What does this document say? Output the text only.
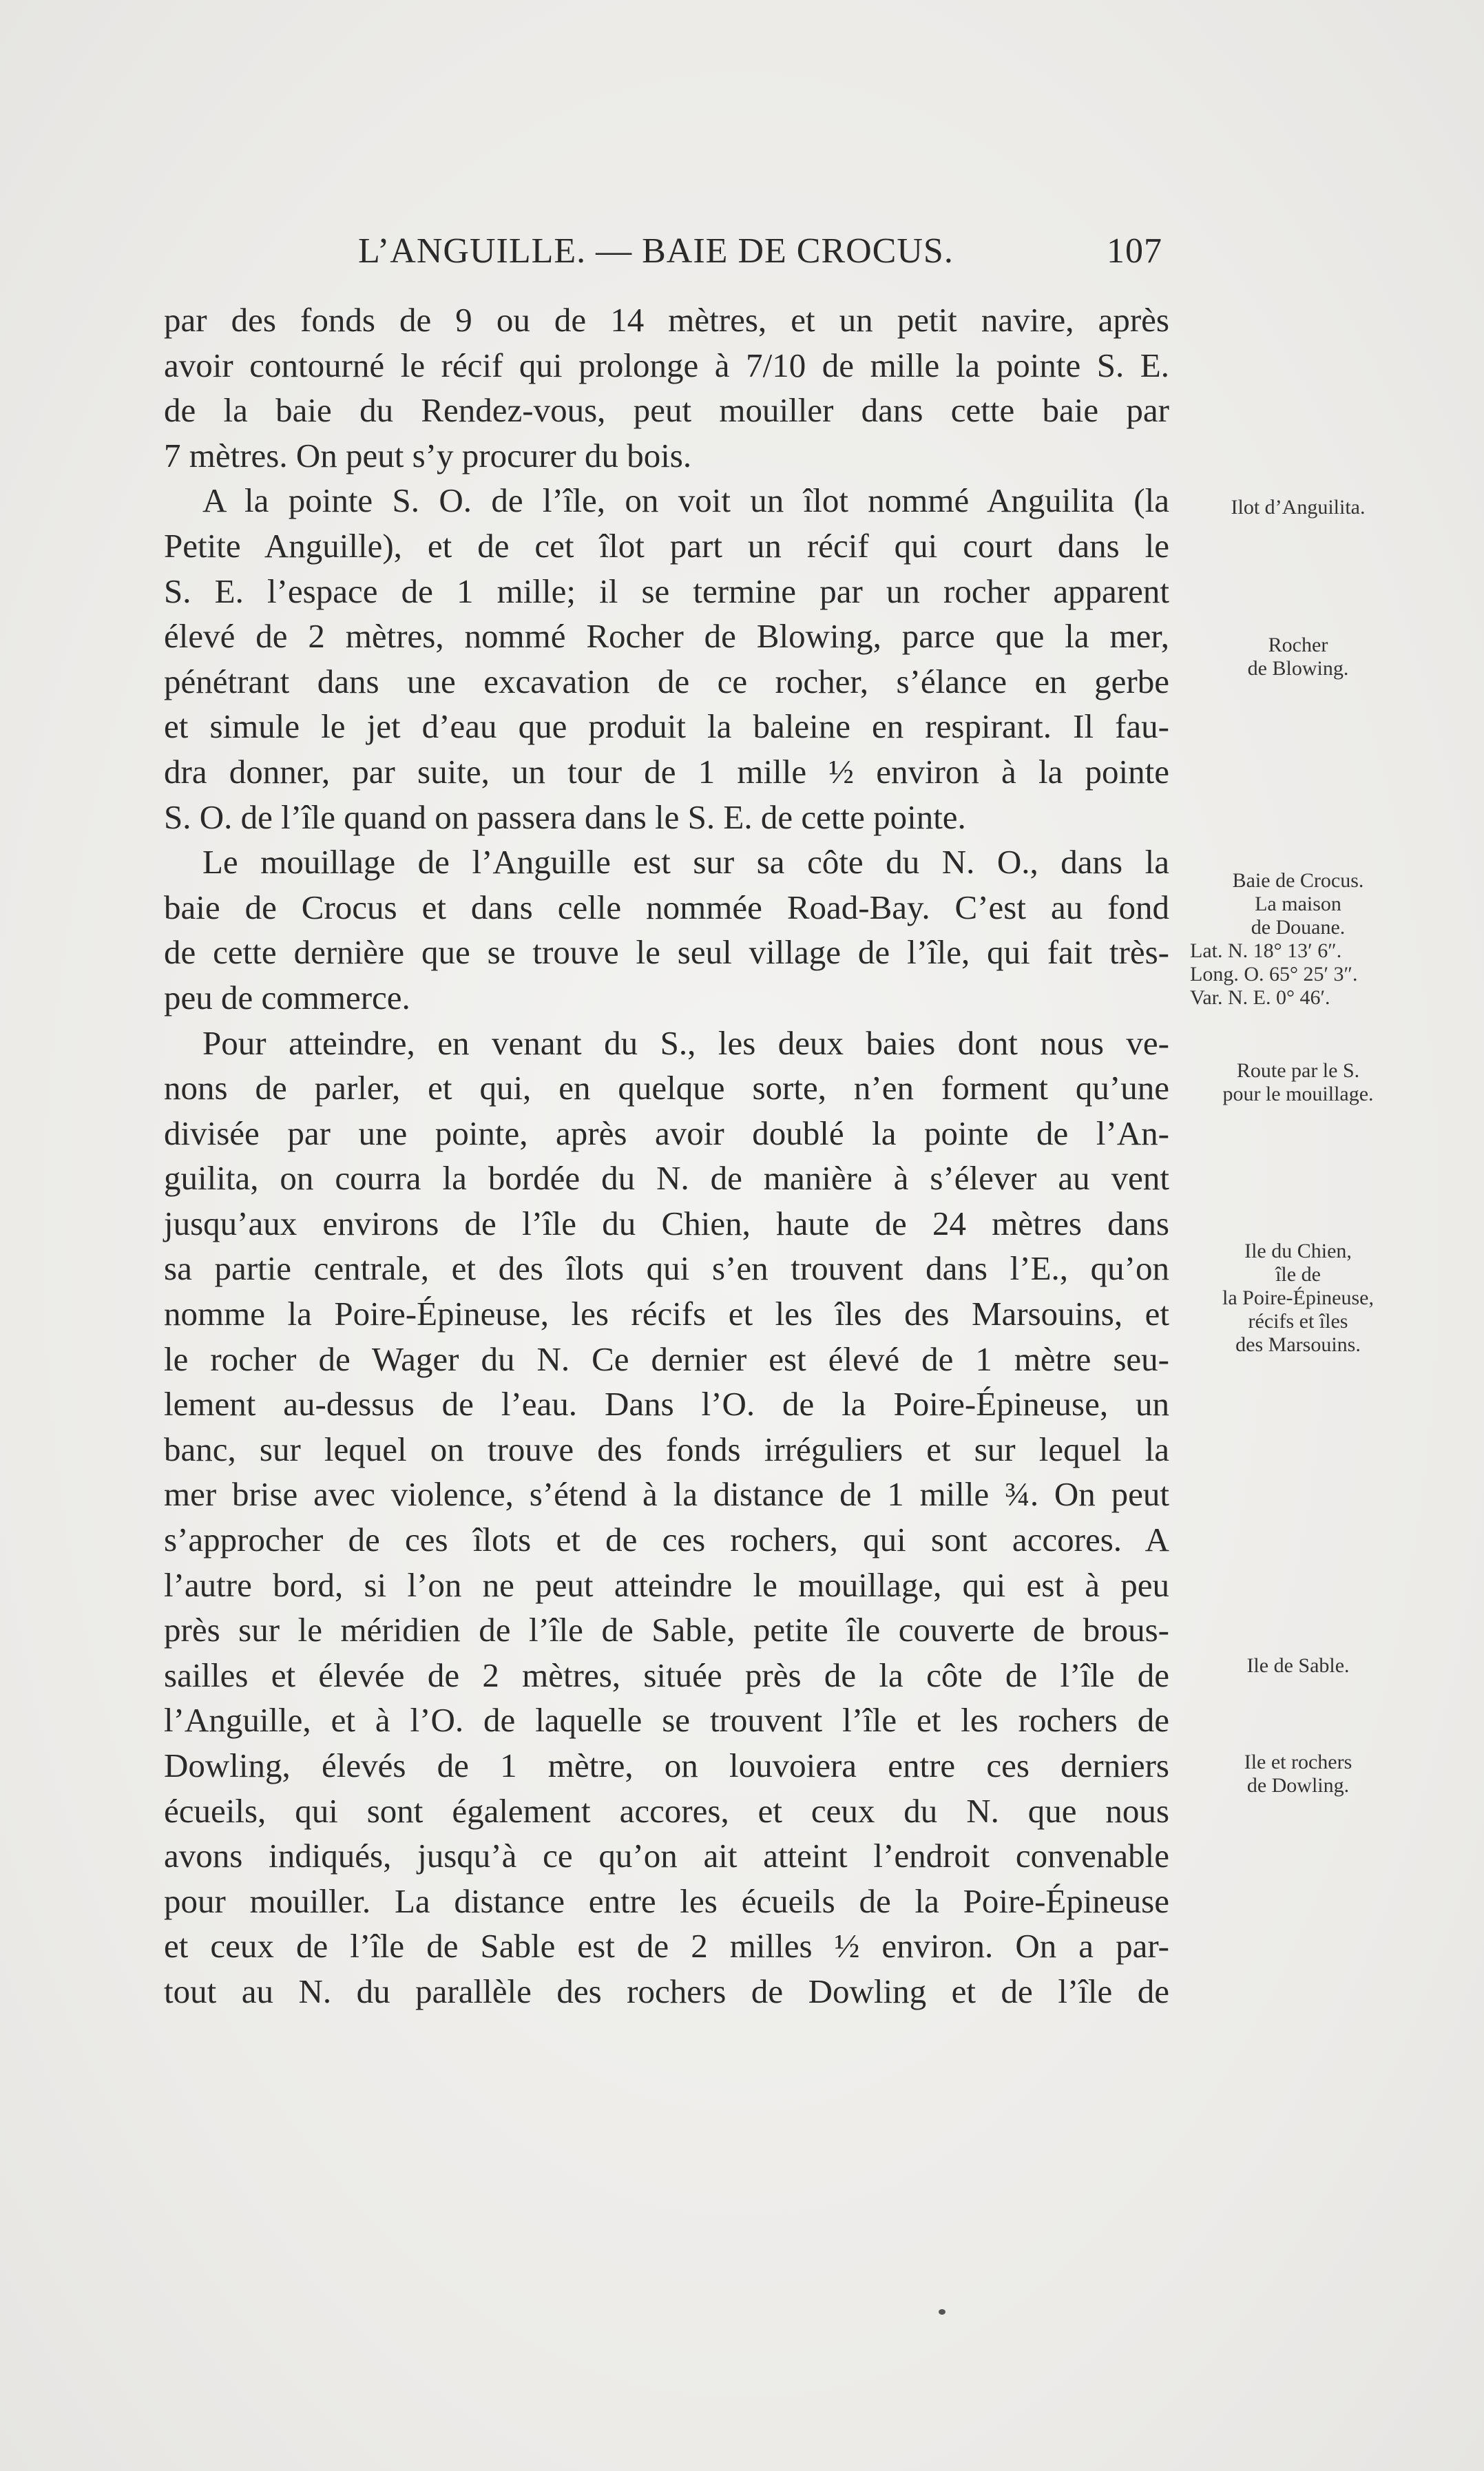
L’ANGUILLE. — BAIE DE CROCUS.	107
par des fonds de 9 ou de 14 mètres, et un petit navire, après
avoir contourné le récif qui prolonge à 7/10 de mille la pointe S. E.
de la baie du Rendez-vous, peut mouiller dans cette baie par
7 mètres. On peut s’y procurer du bois.
A la pointe S. O. de l’île, on voit un îlot nommé Anguilita (la
Petite Anguille), et de cet îlot part un récif qui court dans le
S. E. l’espace de 1 mille; il se termine par un rocher apparent
élevé de 2 mètres, nommé Rocher de Blowing, parce que la mer,
pénétrant dans une excavation de ce rocher, s’élance en gerbe
et simule le jet d’eau que produit la baleine en respirant. Il fau-
dra donner, par suite, un tour de 1 mille ½ environ à la pointe
S. O. de l’île quand on passera dans le S. E. de cette pointe.
Le mouillage de l’Anguille est sur sa côte du N. O., dans la
baie de Crocus et dans celle nommée Road-Bay. C’est au fond
de cette dernière que se trouve le seul village de l’île, qui fait très-
peu de commerce.
Pour atteindre, en venant du S., les deux baies dont nous ve-
nons de parler, et qui, en quelque sorte, n’en forment qu’une
divisée par une pointe, après avoir doublé la pointe de l’An-
guilita, on courra la bordée du N. de manière à s’élever au vent
jusqu’aux environs de l’île du Chien, haute de 24 mètres dans
sa partie centrale, et des îlots qui s’en trouvent dans l’E., qu’on
nomme la Poire-Épineuse, les récifs et les îles des Marsouins, et
le rocher de Wager du N. Ce dernier est élevé de 1 mètre seu-
lement au-dessus de l’eau. Dans l’O. de la Poire-Épineuse, un
banc, sur lequel on trouve des fonds irréguliers et sur lequel la
mer brise avec violence, s’étend à la distance de 1 mille ¾. On peut
s’approcher de ces îlots et de ces rochers, qui sont accores. A
l’autre bord, si l’on ne peut atteindre le mouillage, qui est à peu
près sur le méridien de l’île de Sable, petite île couverte de brous-
sailles et élevée de 2 mètres, située près de la côte de l’île de
l’Anguille, et à l’O. de laquelle se trouvent l’île et les rochers de
Dowling, élevés de 1 mètre, on louvoiera entre ces derniers
écueils, qui sont également accores, et ceux du N. que nous
avons indiqués, jusqu’à ce qu’on ait atteint l’endroit convenable
pour mouiller. La distance entre les écueils de la Poire-Épineuse
et ceux de l’île de Sable est de 2 milles ½ environ. On a par-
tout au N. du parallèle des rochers de Dowling et de l’île de
Ilot d’Anguilita.
Rocher
de Blowing.
Baie de Crocus.
La maison
de Douane.
Lat. N. 18° 13′ 6″.
Long. O. 65° 25′ 3″.
Var. N. E. 0° 46′.
Route par le S.
pour le mouillage.
Ile du Chien,
île de
la Poire-Épineuse,
récifs et îles
des Marsouins.
Ile de Sable.
Ile et rochers
de Dowling.
